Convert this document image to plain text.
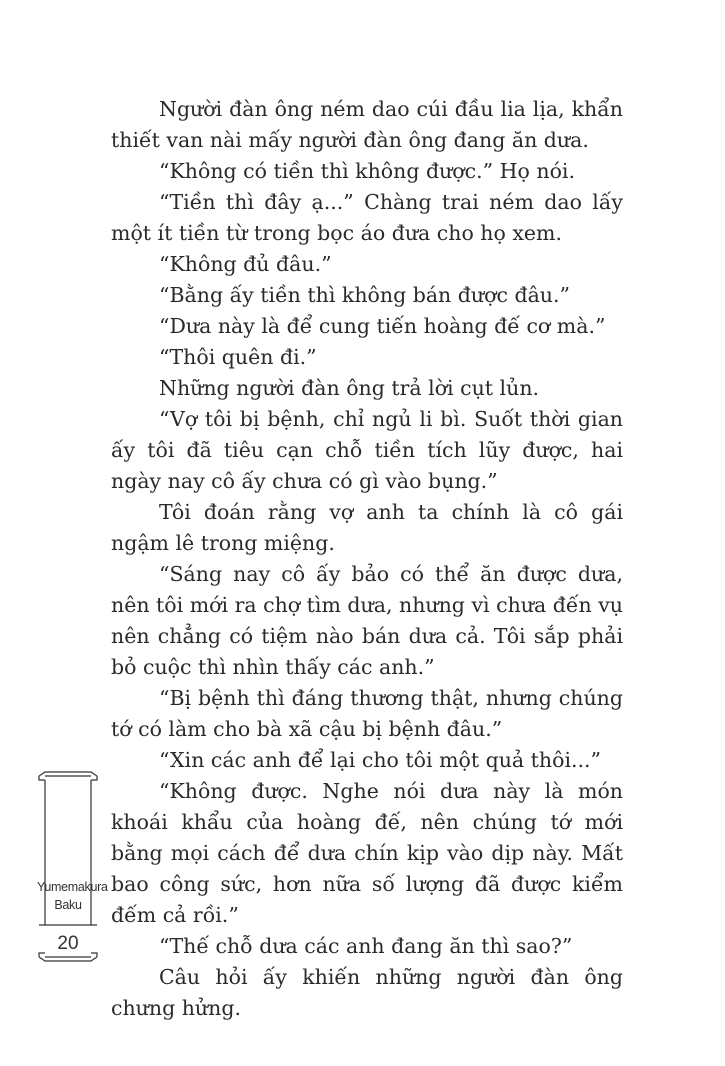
Người đàn ông ném dao cúi đầu lia lịa, khẩn thiết van nài mấy người đàn ông đang ăn dưa.

“Không có tiền thì không được.” Họ nói.

“Tiền thì đây ạ...” Chàng trai ném dao lấy một ít tiền từ trong bọc áo đưa cho họ xem.

“Không đủ đâu.”

“Bằng ấy tiền thì không bán được đâu.”

“Dưa này là để cung tiến hoàng đế cơ mà.”

“Thôi quên đi.”

Những người đàn ông trả lời cụt lủn.

“Vợ tôi bị bệnh, chỉ ngủ li bì. Suốt thời gian ấy tôi đã tiêu cạn chỗ tiền tích lũy được, hai ngày nay cô ấy chưa có gì vào bụng.”

Tôi đoán rằng vợ anh ta chính là cô gái ngậm lê trong miệng.

“Sáng nay cô ấy bảo có thể ăn được dưa, nên tôi mới ra chợ tìm dưa, nhưng vì chưa đến vụ nên chẳng có tiệm nào bán dưa cả. Tôi sắp phải bỏ cuộc thì nhìn thấy các anh.”

“Bị bệnh thì đáng thương thật, nhưng chúng tớ có làm cho bà xã cậu bị bệnh đâu.”

“Xin các anh để lại cho tôi một quả thôi...”

“Không được. Nghe nói dưa này là món khoái khẩu của hoàng đế, nên chúng tớ mới bằng mọi cách để dưa chín kịp vào dịp này. Mất bao công sức, hơn nữa số lượng đã được kiểm đếm cả rồi.”

“Thế chỗ dưa các anh đang ăn thì sao?”

Câu hỏi ấy khiến những người đàn ông chưng hửng.

Yumemakura
Baku
20
